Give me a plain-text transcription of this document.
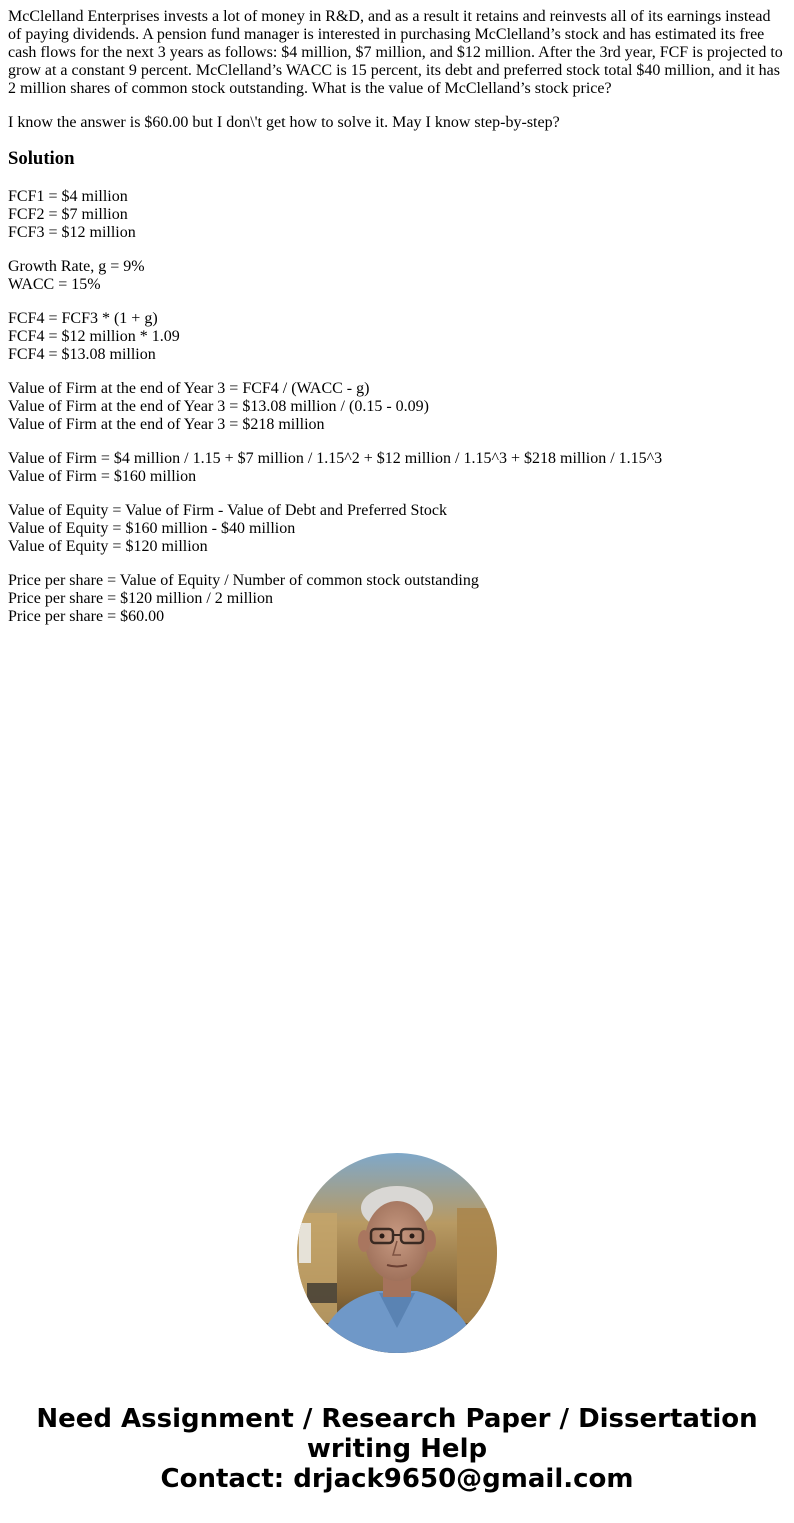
McClelland Enterprises invests a lot of money in R&D, and as a result it retains and reinvests all of its earnings instead of paying dividends. A pension fund manager is interested in purchasing McClelland’s stock and has estimated its free cash flows for the next 3 years as follows: $4 million, $7 million, and $12 million. After the 3rd year, FCF is projected to grow at a constant 9 percent. McClelland’s WACC is 15 percent, its debt and preferred stock total $40 million, and it has 2 million shares of common stock outstanding. What is the value of McClelland’s stock price?

I know the answer is $60.00 but I don\'t get how to solve it. May I know step-by-step?

Solution

FCF1 = $4 million
FCF2 = $7 million
FCF3 = $12 million

Growth Rate, g = 9%
WACC = 15%

FCF4 = FCF3 * (1 + g)
FCF4 = $12 million * 1.09
FCF4 = $13.08 million

Value of Firm at the end of Year 3 = FCF4 / (WACC - g)
Value of Firm at the end of Year 3 = $13.08 million / (0.15 - 0.09)
Value of Firm at the end of Year 3 = $218 million

Value of Firm = $4 million / 1.15 + $7 million / 1.15^2 + $12 million / 1.15^3 + $218 million / 1.15^3
Value of Firm = $160 million

Value of Equity = Value of Firm - Value of Debt and Preferred Stock
Value of Equity = $160 million - $40 million
Value of Equity = $120 million

Price per share = Value of Equity / Number of common stock outstanding
Price per share = $120 million / 2 million
Price per share = $60.00

Need Assignment / Research Paper / Dissertation
writing Help
Contact: drjack9650@gmail.com
